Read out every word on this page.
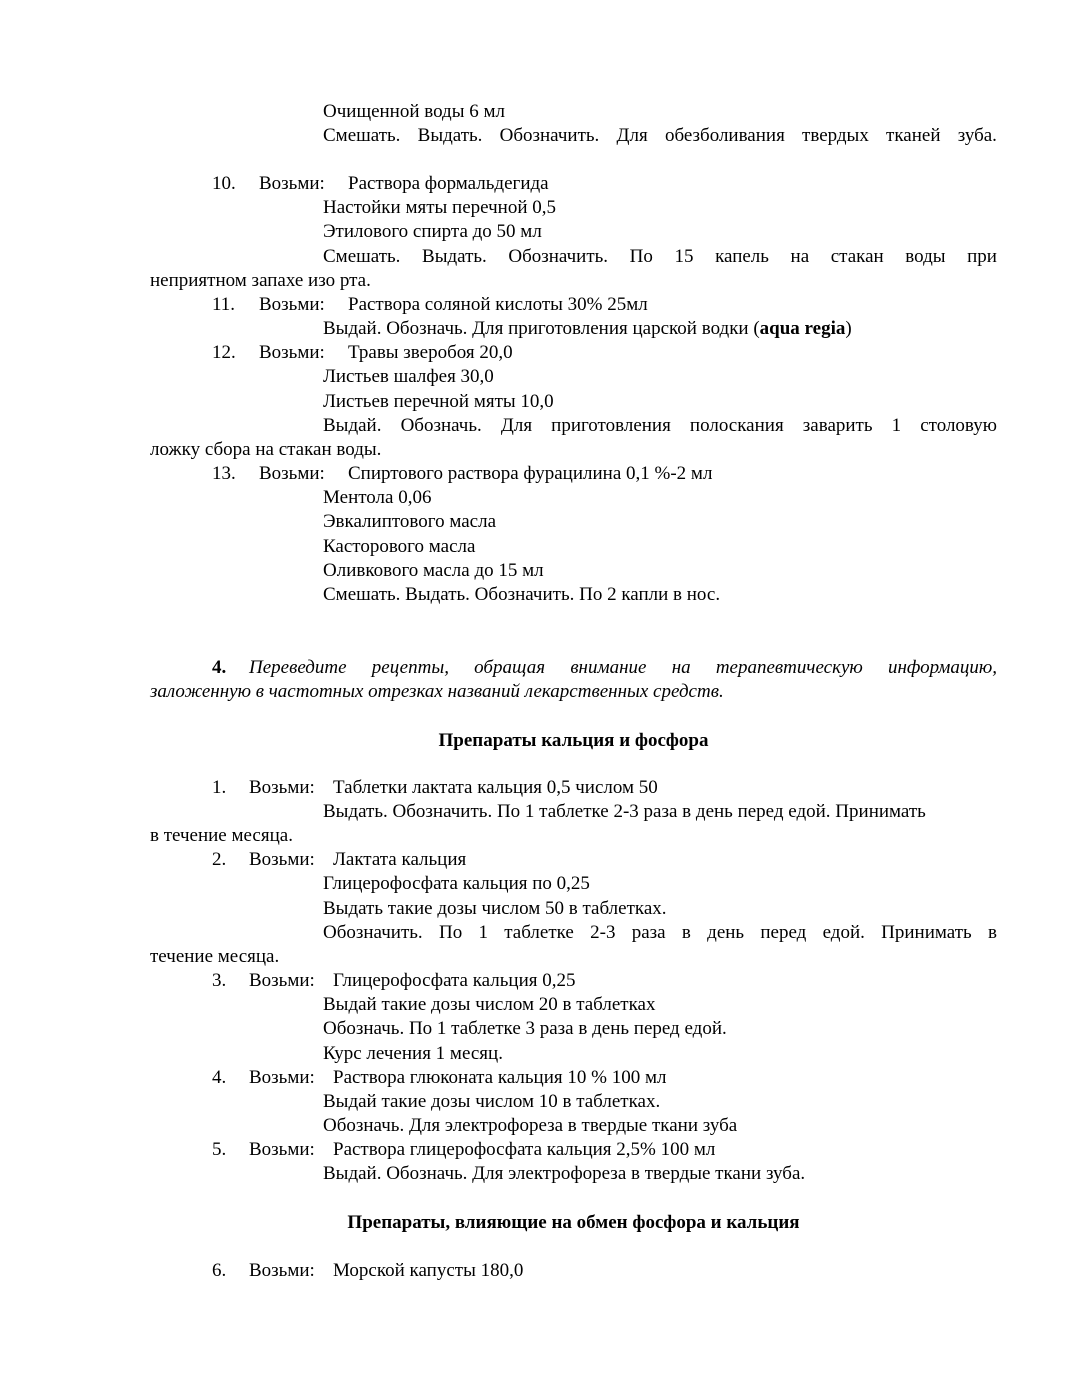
Очищенной воды 6 мл
Смешать. Выдать. Обозначить. Для обезболивания твердых тканей зуба.
10. Возьми: Раствора формальдегида
Настойки мяты перечной 0,5
Этилового спирта до 50 мл
Смешать. Выдать. Обозначить. По 15 капель на стакан воды при
неприятном запахе изо рта.
11. Возьми: Раствора соляной кислоты 30% 25мл
Выдай. Обозначь. Для приготовления царской водки (aqua regia)
12. Возьми: Травы зверобоя 20,0
Листьев шалфея 30,0
Листьев перечной мяты 10,0
Выдай. Обозначь. Для приготовления полоскания заварить 1 столовую
ложку сбора на стакан воды.
13. Возьми: Спиртового раствора фурацилина 0,1 %-2 мл
Ментола 0,06
Эвкалиптового масла
Касторового масла
Оливкового масла до 15 мл
Смешать. Выдать. Обозначить. По 2 капли в нос.
4. Переведите рецепты, обращая внимание на терапевтическую информацию,
заложенную в частотных отрезках названий лекарственных средств.
Препараты кальция и фосфора
1. Возьми: Таблетки лактата кальция 0,5 числом 50
Выдать. Обозначить. По 1 таблетке 2-3 раза в день перед едой. Принимать
в течение месяца.
2. Возьми: Лактата кальция
Глицерофосфата кальция по 0,25
Выдать такие дозы числом 50 в таблетках.
Обозначить. По 1 таблетке 2-3 раза в день перед едой. Принимать в
течение месяца.
3. Возьми: Глицерофосфата кальция 0,25
Выдай такие дозы числом 20 в таблетках
Обозначь. По 1 таблетке 3 раза в день перед едой.
Курс лечения 1 месяц.
4. Возьми: Раствора глюконата кальция 10 % 100 мл
Выдай такие дозы числом 10 в таблетках.
Обозначь. Для электрофореза в твердые ткани зуба
5. Возьми: Раствора глицерофосфата кальция 2,5% 100 мл
Выдай. Обозначь. Для электрофореза в твердые ткани зуба.
Препараты, влияющие на обмен фосфора и кальция
6. Возьми: Морской капусты 180,0
